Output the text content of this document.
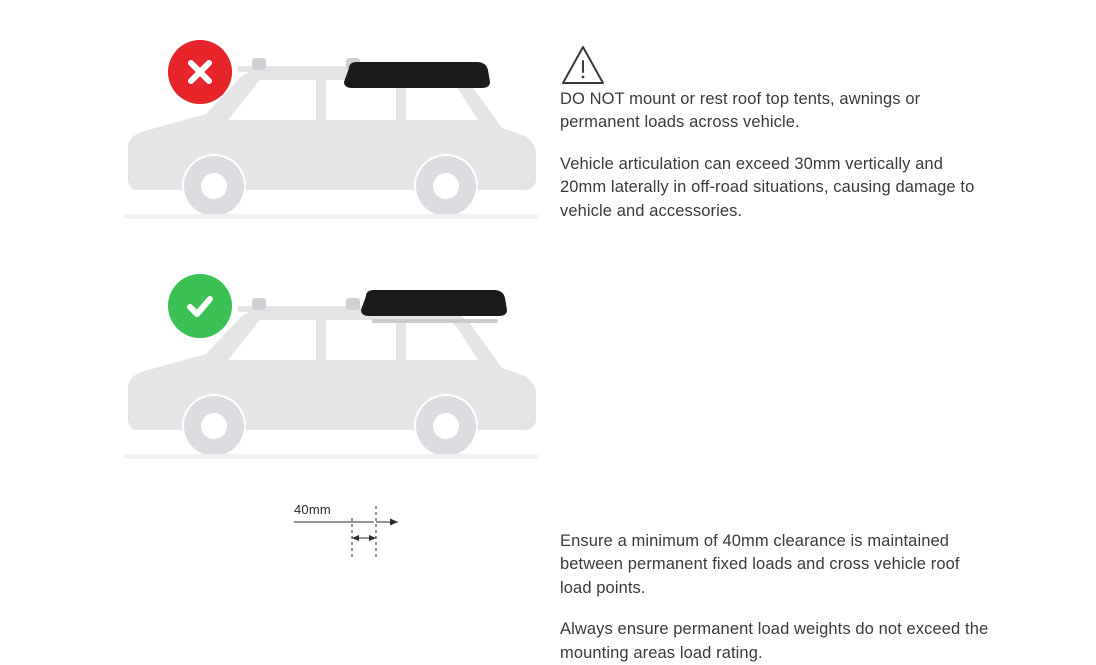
DO NOT mount or rest roof top tents, awnings or permanent loads across vehicle.

Vehicle articulation can exceed 30mm vertically and 20mm laterally in off-road situations, causing damage to vehicle and accessories.

40mm

Ensure a minimum of 40mm clearance is maintained between permanent fixed loads and cross vehicle roof load points.

Always ensure permanent load weights do not exceed the mounting areas load rating.
